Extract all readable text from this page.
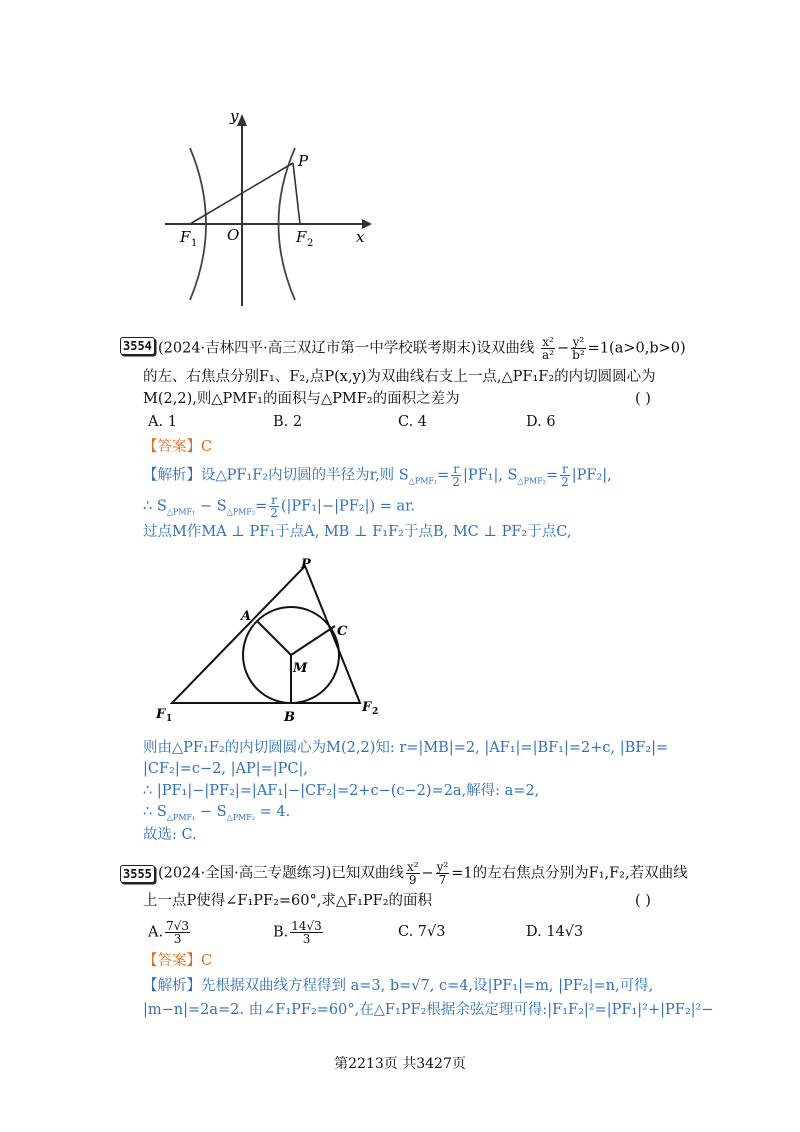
y
x
O
P
F 1	F 2
3554 (2024·吉林四平·高三双辽市第一中学校联考期末)设双曲线 $\frac{\text{x²}}{\text{a²}} - \frac{\text{y²}}{\text{b²}} =1(a>0,b>0)$
的左、右焦点分别F₁、F₂,点P(x,y)为双曲线右支上一点,△PF₁F₂的内切圆圆心为
M(2,2),则△PMF₁的面积与△PMF₂的面积之差为	( )
A. 1	B. 2	C. 4	D. 6
【答案】C
【解析】设△PF₁F₂内切圆的半径为r,则 $S_{\triangle PMF_1}= \frac{r}{2} |PF_1|$, $S_{\triangle PMF_2}= \frac{r}{2} |PF_2|$,
∴ $S_{\triangle PMF_1} - S_{\triangle PMF_2}= \frac{r}{2} (|PF_1|-|PF_2|)$ = ar.
过点M作MA ⊥ PF₁于点A, MB ⊥ F₁F₂于点B, MC ⊥ PF₂于点C,
P
A
C
M
B
F 1
F 2
则由△PF₁F₂的内切圆圆心为M(2,2)知: r=|MB|=2, |AF₁|=|BF₁|=2+c, |BF₂|=
|CF₂|=c−2, |AP|=|PC|,
∴ |PF₁|−|PF₂|=|AF₁|−|CF₂|=2+c−(c−2)=2a,解得: a=2,
∴ $S_{\triangle PMF_1} - S_{\triangle PMF_2} = 4$.
故选: C.
3555 (2024·全国·高三专题练习)已知双曲线 $\frac{\text{x²}}{9} - \frac{\text{y²}}{7} =1$的左右焦点分别为F₁,F₂,若双曲线
上一点P使得∠F₁PF₂=60°,求△F₁PF₂的面积	( )
A. $\frac{7√3}{3}$	B. $\frac{14√3}{3}$	C. 7√3	D. 14√3
【答案】C
【解析】先根据双曲线方程得到 a=3, b=√7, c=4,设|PF₁|=m, |PF₂|=n,可得,
|m−n|=2a=2. 由∠F₁PF₂=60°,在△F₁PF₂根据余弦定理可得:|F₁F₂|²=|PF₁|²+|PF₂|²−
第2213页 共3427页
